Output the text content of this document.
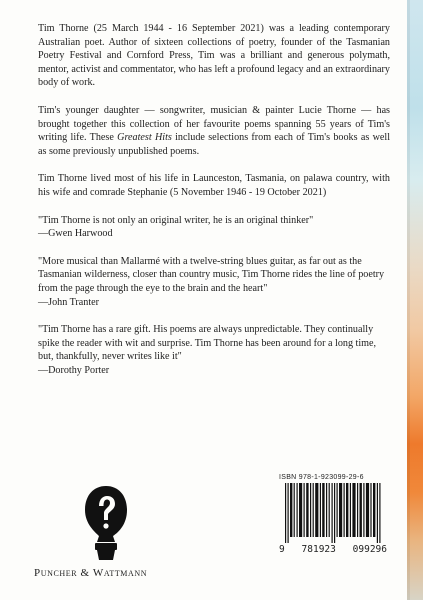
Tim Thorne (25 March 1944 - 16 September 2021) was a leading contemporary Australian poet. Author of sixteen collections of poetry, founder of the Tasmanian Poetry Festival and Cornford Press, Tim was a brilliant and generous polymath, mentor, activist and commentator, who has left a profound legacy and an extraordinary body of work.

Tim's younger daughter — songwriter, musician & painter Lucie Thorne — has brought together this collection of her favourite poems spanning 55 years of Tim's writing life. These Greatest Hits include selections from each of Tim's books as well as some previously unpublished poems.

Tim Thorne lived most of his life in Launceston, Tasmania, on palawa country, with his wife and comrade Stephanie (5 November 1946 - 19 October 2021)

"Tim Thorne is not only an original writer, he is an original thinker"

—Gwen Harwood

"More musical than Mallarmé with a twelve-string blues guitar, as far out as the Tasmanian wilderness, closer than country music, Tim Thorne rides the line of poetry from the page through the eye to the brain and the heart"

—John Tranter

"Tim Thorne has a rare gift. His poems are always unpredictable. They continually spike the reader with wit and surprise. Tim Thorne has been around for a long time, but, thankfully, never writes like it"

—Dorothy Porter

Puncher & Wattmann
ISBN 978-1-923099-29-6
9 781923 099296
